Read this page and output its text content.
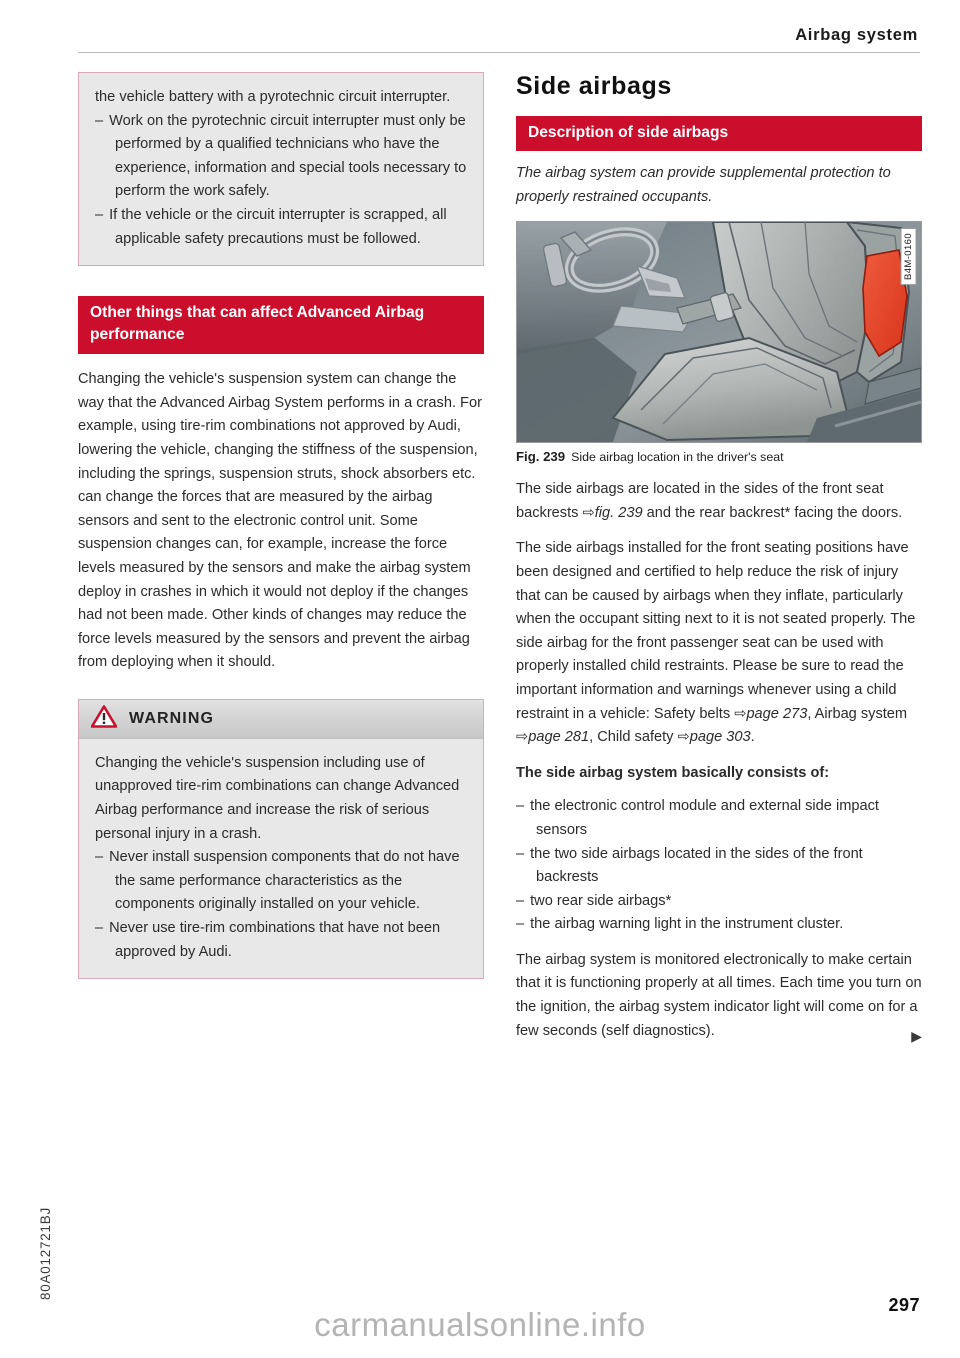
Airbag system

the vehicle battery with a pyrotechnic circuit interrupter.

– Work on the pyrotechnic circuit interrupter must only be performed by a qualified technicians who have the experience, information and special tools necessary to perform the work safely.
– If the vehicle or the circuit interrupter is scrapped, all applicable safety precautions must be followed.
Other things that can affect Advanced Airbag performance

Changing the vehicle's suspension system can change the way that the Advanced Airbag System performs in a crash. For example, using tire-rim combinations not approved by Audi, lowering the vehicle, changing the stiffness of the suspension, including the springs, suspension struts, shock absorbers etc. can change the forces that are measured by the airbag sensors and sent to the electronic control unit. Some suspension changes can, for example, increase the force levels measured by the sensors and make the airbag system deploy in crashes in which it would not deploy if the changes had not been made. Other kinds of changes may reduce the force levels measured by the sensors and prevent the airbag from deploying when it should.

WARNING

Changing the vehicle's suspension including use of unapproved tire-rim combinations can change Advanced Airbag performance and increase the risk of serious personal injury in a crash.

– Never install suspension components that do not have the same performance characteristics as the components originally installed on your vehicle.
– Never use tire-rim combinations that have not been approved by Audi.
Side airbags
Description of side airbags

The airbag system can provide supplemental protection to properly restrained occupants.

B4M-0160
Fig. 239 Side airbag location in the driver's seat

The side airbags are located in the sides of the front seat backrests ⇨fig. 239 and the rear backrest* facing the doors.

The side airbags installed for the front seating positions have been designed and certified to help reduce the risk of injury that can be caused by airbags when they inflate, particularly when the occupant sitting next to it is not seated properly. The side airbag for the front passenger seat can be used with properly installed child restraints. Please be sure to read the important information and warnings whenever using a child restraint in a vehicle: Safety belts ⇨page 273, Airbag system ⇨page 281, Child safety ⇨page 303.

The side airbag system basically consists of:
– the electronic control module and external side impact sensors
– the two side airbags located in the sides of the front backrests
– two rear side airbags*
– the airbag warning light in the instrument cluster.

The airbag system is monitored electronically to make certain that it is functioning properly at all times. Each time you turn on the ignition, the airbag system indicator light will come on for a few seconds (self diagnostics).	▶
80A012721BJ
297
carmanualsonline.info
